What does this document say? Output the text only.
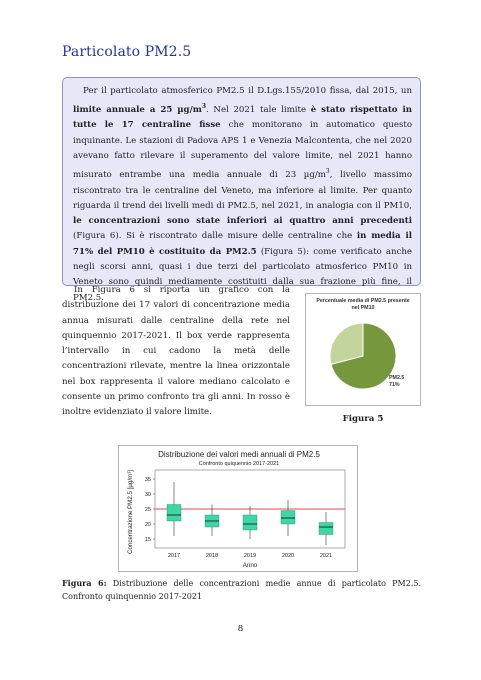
Particolato PM2.5
Per il particolato atmosferico PM2.5 il D.Lgs.155/2010 fissa, dal 2015, un limite annuale a 25 $\mu g/m^3$. Nel 2021 tale limite è stato rispettato in tutte le 17 centraline fisse che monitorano in automatico questo inquinante. Le stazioni di Padova APS 1 e Venezia Malcontenta, che nel 2020 avevano fatto rilevare il superamento del valore limite, nel 2021 hanno misurato entrambe una media annuale di 23 $\mu g/m^3$, livello massimo riscontrato tra le centraline del Veneto, ma inferiore al limite. Per quanto riguarda il trend dei livelli medi di PM2.5, nel 2021, in analogia con il PM10, le concentrazioni sono state inferiori ai quattro anni precedenti (Figura 6). Si è riscontrato dalle misure delle centraline che in media il 71% del PM10 è costituito da PM2.5 (Figura 5): come verificato anche negli scorsi anni, quasi i due terzi del particolato atmosferico PM10 in Veneto sono quindi mediamente costituiti dalla sua frazione più fine, il PM2.5.
In Figura 6 si riporta un grafico con la distribuzione dei 17 valori di concentrazione media annua misurati dalle centraline della rete nel quinquennio 2017-2021. Il box verde rappresenta l’intervallo in cui cadono la metà delle concentrazioni rilevate, mentre la linea orizzontale nel box rappresenta il valore mediano calcolato e consente un primo confronto tra gli anni. In rosso è inoltre evidenziato il valore limite.
Percentuale media di PM2.5 presente
nel PM10
PM2.5
71%
Figura 5
Distribuzione dei valori medi annuali di PM2.5
Confronto quiquennio 2017-2021
15
20
25
30
35
Concentrazione PM2.5 [µg/m³]
2017	2018	2019	2020	2021
Anno
Figura 6: Distribuzione delle concentrazioni medie annue di particolato PM2.5. Confronto quinquennio 2017-2021
8
